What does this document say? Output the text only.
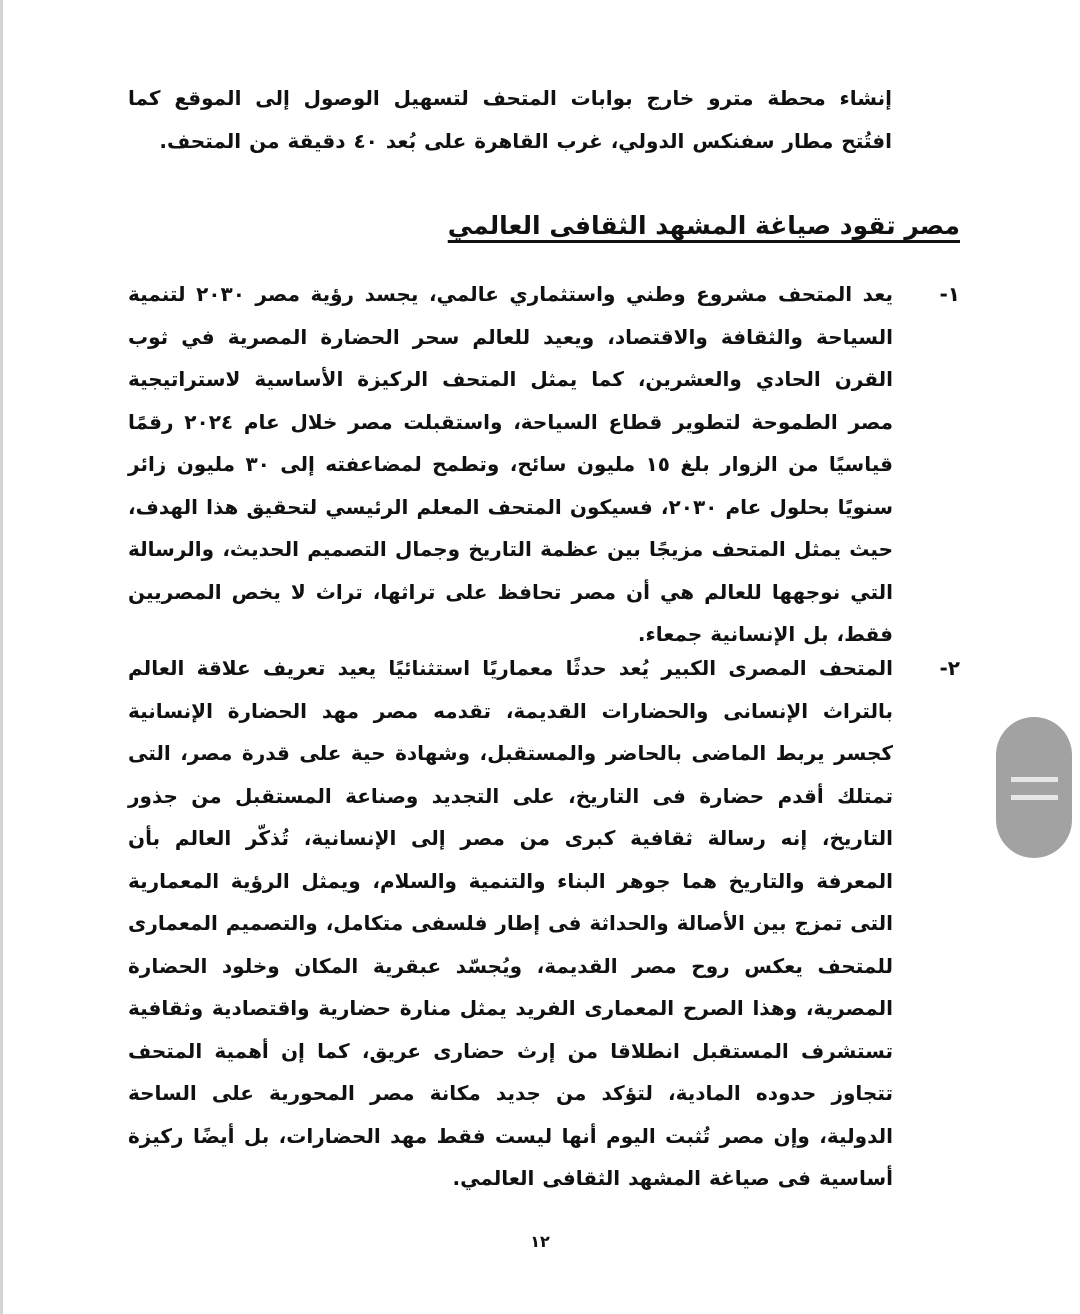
إنشاء محطة مترو خارج بوابات المتحف لتسهيل الوصول إلى الموقع كما افتُتح مطار سفنكس الدولي، غرب القاهرة على بُعد ٤٠ دقيقة من المتحف.
مصر تقود صياغة المشهد الثقافى العالمي
١-
يعد المتحف مشروع وطني واستثماري عالمي، يجسد رؤية مصر ٢٠٣٠ لتنمية السياحة والثقافة والاقتصاد، ويعيد للعالم سحر الحضارة المصرية في ثوب القرن الحادي والعشرين، كما يمثل المتحف الركيزة الأساسية لاستراتيجية مصر الطموحة لتطوير قطاع السياحة، واستقبلت مصر خلال عام ٢٠٢٤ رقمًا قياسيًا من الزوار بلغ ١٥ مليون سائح، وتطمح لمضاعفته إلى ٣٠ مليون زائر سنويًا بحلول عام ٢٠٣٠، فسيكون المتحف المعلم الرئيسي لتحقيق هذا الهدف، حيث يمثل المتحف مزيجًا بين عظمة التاريخ وجمال التصميم الحديث، والرسالة التي نوجهها للعالم هي أن مصر تحافظ على تراثها، تراث لا يخص المصريين فقط، بل الإنسانية جمعاء.
٢-
المتحف المصرى الكبير يُعد حدثًا معماريًا استثنائيًا يعيد تعريف علاقة العالم بالتراث الإنسانى والحضارات القديمة، تقدمه مصر مهد الحضارة الإنسانية كجسر يربط الماضى بالحاضر والمستقبل، وشهادة حية على قدرة مصر، التى تمتلك أقدم حضارة فى التاريخ، على التجديد وصناعة المستقبل من جذور التاريخ، إنه رسالة ثقافية كبرى من مصر إلى الإنسانية، تُذكّر العالم بأن المعرفة والتاريخ هما جوهر البناء والتنمية والسلام، ويمثل الرؤية المعمارية التى تمزج بين الأصالة والحداثة فى إطار فلسفى متكامل، والتصميم المعمارى للمتحف يعكس روح مصر القديمة، ويُجسّد عبقرية المكان وخلود الحضارة المصرية، وهذا الصرح المعمارى الفريد يمثل منارة حضارية واقتصادية وثقافية تستشرف المستقبل انطلاقا من إرث حضارى عريق، كما إن أهمية المتحف تتجاوز حدوده المادية، لتؤكد من جديد مكانة مصر المحورية على الساحة الدولية، وإن مصر تُثبت اليوم أنها ليست فقط مهد الحضارات، بل أيضًا ركيزة أساسية فى صياغة المشهد الثقافى العالمي.
١٢
